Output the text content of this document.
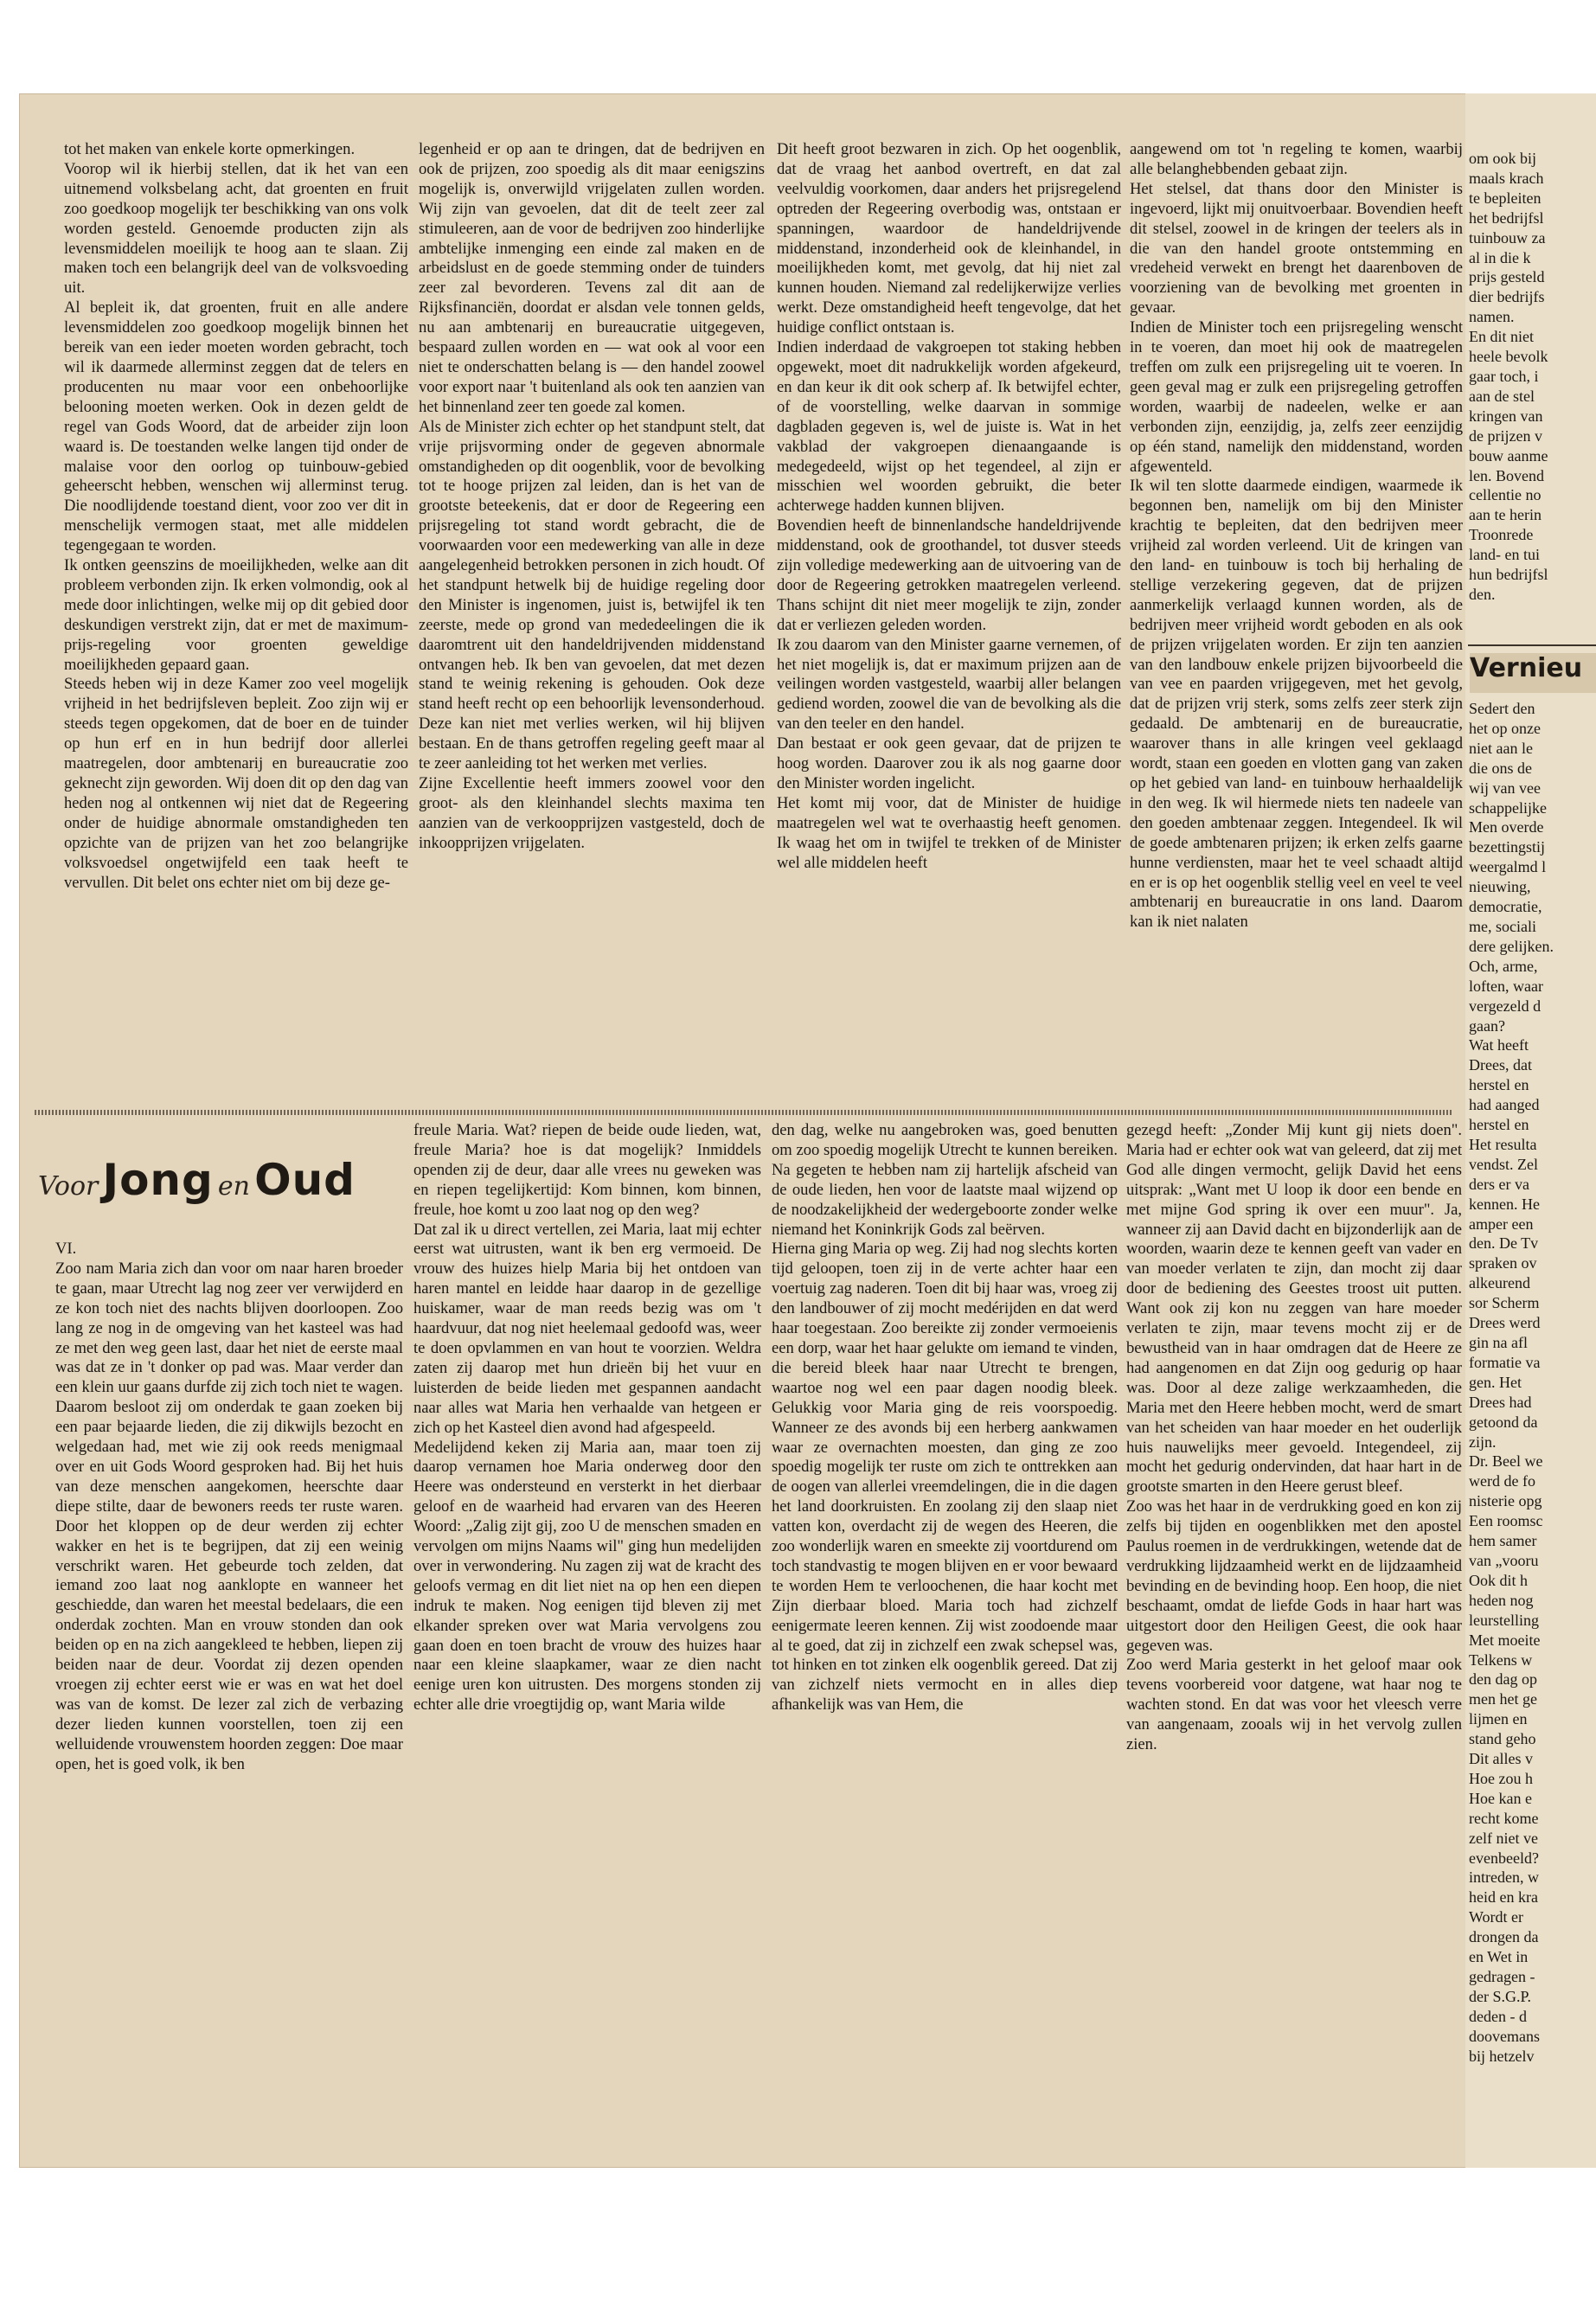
tot het maken van enkele korte opmerkingen.

Voorop wil ik hierbij stellen, dat ik het van een uitnemend volksbelang acht, dat groenten en fruit zoo goedkoop mogelijk ter beschikking van ons volk worden gesteld. Genoemde producten zijn als levensmiddelen moeilijk te hoog aan te slaan. Zij maken toch een belangrijk deel van de volksvoeding uit.

Al bepleit ik, dat groenten, fruit en alle andere levensmiddelen zoo goedkoop mogelijk binnen het bereik van een ieder moeten worden gebracht, toch wil ik daarmede allerminst zeggen dat de telers en producenten nu maar voor een onbehoorlijke belooning moeten werken. Ook in dezen geldt de regel van Gods Woord, dat de arbeider zijn loon waard is. De toestanden welke langen tijd onder de malaise voor den oorlog op tuinbouw-gebied geheerscht hebben, wenschen wij allerminst terug. Die noodlijdende toestand dient, voor zoo ver dit in menschelijk vermogen staat, met alle middelen tegengegaan te worden.

Ik ontken geenszins de moeilijkheden, welke aan dit probleem verbonden zijn. Ik erken volmondig, ook al mede door inlichtingen, welke mij op dit gebied door deskundigen verstrekt zijn, dat er met de maximum-prijs-regeling voor groenten geweldige moeilijkheden gepaard gaan.

Steeds heben wij in deze Kamer zoo veel mogelijk vrijheid in het bedrijfsleven bepleit. Zoo zijn wij er steeds tegen opgekomen, dat de boer en de tuinder op hun erf en in hun bedrijf door allerlei maatregelen, door ambtenarij en bureaucratie zoo geknecht zijn geworden. Wij doen dit op den dag van heden nog al ontkennen wij niet dat de Regeering onder de huidige abnormale omstandigheden ten opzichte van de prijzen van het zoo belangrijke volksvoedsel ongetwijfeld een taak heeft te vervullen. Dit belet ons echter niet om bij deze ge-

legenheid er op aan te dringen, dat de bedrijven en ook de prijzen, zoo spoedig als dit maar eenigszins mogelijk is, onverwijld vrijgelaten zullen worden. Wij zijn van gevoelen, dat dit de teelt zeer zal stimuleeren, aan de voor de bedrijven zoo hinderlijke ambtelijke inmenging een einde zal maken en de arbeidslust en de goede stemming onder de tuinders zeer zal bevorderen. Tevens zal dit aan de Rijksfinanciën, doordat er alsdan vele tonnen gelds, nu aan ambtenarij en bureaucratie uitgegeven, bespaard zullen worden en — wat ook al voor een niet te onderschatten belang is — den handel zoowel voor export naar 't buitenland als ook ten aanzien van het binnenland zeer ten goede zal komen.

Als de Minister zich echter op het standpunt stelt, dat vrije prijsvorming onder de gegeven abnormale omstandigheden op dit oogenblik, voor de bevolking tot te hooge prijzen zal leiden, dan is het van de grootste beteekenis, dat er door de Regeering een prijsregeling tot stand wordt gebracht, die de voorwaarden voor een medewerking van alle in deze aangelegenheid betrokken personen in zich houdt. Of het standpunt hetwelk bij de huidige regeling door den Minister is ingenomen, juist is, betwijfel ik ten zeerste, mede op grond van mededeelingen die ik daaromtrent uit den handeldrijvenden middenstand ontvangen heb. Ik ben van gevoelen, dat met dezen stand te weinig rekening is gehouden. Ook deze stand heeft recht op een behoorlijk levensonderhoud. Deze kan niet met verlies werken, wil hij blijven bestaan. En de thans getroffen regeling geeft maar al te zeer aanleiding tot het werken met verlies.

Zijne Excellentie heeft immers zoowel voor den groot- als den kleinhandel slechts maxima ten aanzien van de verkoopprijzen vastgesteld, doch de inkoopprijzen vrijgelaten.

Dit heeft groot bezwaren in zich. Op het oogenblik, dat de vraag het aanbod overtreft, en dat zal veelvuldig voorkomen, daar anders het prijsregelend optreden der Regeering overbodig was, ontstaan er spanningen, waardoor de handeldrijvende middenstand, inzonderheid ook de kleinhandel, in moeilijkheden komt, met gevolg, dat hij niet zal kunnen houden. Niemand zal redelijkerwijze verlies werkt. Deze omstandigheid heeft tengevolge, dat het huidige conflict ontstaan is.

Indien inderdaad de vakgroepen tot staking hebben opgewekt, moet dit nadrukkelijk worden afgekeurd, en dan keur ik dit ook scherp af. Ik betwijfel echter, of de voorstelling, welke daarvan in sommige dagbladen gegeven is, wel de juiste is. Wat in het vakblad der vakgroepen dienaangaande is medegedeeld, wijst op het tegendeel, al zijn er misschien wel woorden gebruikt, die beter achterwege hadden kunnen blijven.

Bovendien heeft de binnenlandsche handeldrijvende middenstand, ook de groothandel, tot dusver steeds zijn volledige medewerking aan de uitvoering van de door de Regeering getrokken maatregelen verleend. Thans schijnt dit niet meer mogelijk te zijn, zonder dat er verliezen geleden worden.

Ik zou daarom van den Minister gaarne vernemen, of het niet mogelijk is, dat er maximum prijzen aan de veilingen worden vastgesteld, waarbij aller belangen gediend worden, zoowel die van de bevolking als die van den teeler en den handel.

Dan bestaat er ook geen gevaar, dat de prijzen te hoog worden. Daarover zou ik als nog gaarne door den Minister worden ingelicht.

Het komt mij voor, dat de Minister de huidige maatregelen wel wat te overhaastig heeft genomen. Ik waag het om in twijfel te trekken of de Minister wel alle middelen heeft

aangewend om tot 'n regeling te komen, waarbij alle belanghebbenden gebaat zijn.

Het stelsel, dat thans door den Minister is ingevoerd, lijkt mij onuitvoerbaar. Bovendien heeft dit stelsel, zoowel in de kringen der teelers als in die van den handel groote ontstemming en vredeheid verwekt en brengt het daarenboven de voorziening van de bevolking met groenten in gevaar.

Indien de Minister toch een prijsregeling wenscht in te voeren, dan moet hij ook de maatregelen treffen om zulk een prijsregeling uit te voeren. In geen geval mag er zulk een prijsregeling getroffen worden, waarbij de nadeelen, welke er aan verbonden zijn, eenzijdig, ja, zelfs zeer eenzijdig op één stand, namelijk den middenstand, worden afgewenteld.

Ik wil ten slotte daarmede eindigen, waarmede ik begonnen ben, namelijk om bij den Minister krachtig te bepleiten, dat den bedrijven meer vrijheid zal worden verleend. Uit de kringen van den land- en tuinbouw is toch bij herhaling de stellige verzekering gegeven, dat de prijzen aanmerkelijk verlaagd kunnen worden, als de bedrijven meer vrijheid wordt geboden en als ook de prijzen vrijgelaten worden. Er zijn ten aanzien van den landbouw enkele prijzen bijvoorbeeld die van vee en paarden vrijgegeven, met het gevolg, dat de prijzen vrij sterk, soms zelfs zeer sterk zijn gedaald. De ambtenarij en de bureaucratie, waarover thans in alle kringen veel geklaagd wordt, staan een goeden en vlotten gang van zaken op het gebied van land- en tuinbouw herhaaldelijk in den weg. Ik wil hiermede niets ten nadeele van den goeden ambtenaar zeggen. Integendeel. Ik wil de goede ambtenaren prijzen; ik erken zelfs gaarne hunne verdiensten, maar het te veel schaadt altijd en er is op het oogenblik stellig veel en veel te veel ambtenarij en bureaucratie in ons land. Daarom kan ik niet nalaten

Voor Jong en Oud

VI.

Zoo nam Maria zich dan voor om naar haren broeder te gaan, maar Utrecht lag nog zeer ver verwijderd en ze kon toch niet des nachts blijven doorloopen. Zoo lang ze nog in de omgeving van het kasteel was had ze met den weg geen last, daar het niet de eerste maal was dat ze in 't donker op pad was. Maar verder dan een klein uur gaans durfde zij zich toch niet te wagen. Daarom besloot zij om onderdak te gaan zoeken bij een paar bejaarde lieden, die zij dikwijls bezocht en welgedaan had, met wie zij ook reeds menigmaal over en uit Gods Woord gesproken had. Bij het huis van deze menschen aangekomen, heerschte daar diepe stilte, daar de bewoners reeds ter ruste waren. Door het kloppen op de deur werden zij echter wakker en het is te begrijpen, dat zij een weinig verschrikt waren. Het gebeurde toch zelden, dat iemand zoo laat nog aanklopte en wanneer het geschiedde, dan waren het meestal bedelaars, die een onderdak zochten. Man en vrouw stonden dan ook beiden op en na zich aangekleed te hebben, liepen zij beiden naar de deur. Voordat zij dezen openden vroegen zij echter eerst wie er was en wat het doel was van de komst. De lezer zal zich de verbazing dezer lieden kunnen voorstellen, toen zij een welluidende vrouwenstem hoorden zeggen: Doe maar open, het is goed volk, ik ben

freule Maria. Wat? riepen de beide oude lieden, wat, freule Maria? hoe is dat mogelijk? Inmiddels openden zij de deur, daar alle vrees nu geweken was en riepen tegelijkertijd: Kom binnen, kom binnen, freule, hoe komt u zoo laat nog op den weg?

Dat zal ik u direct vertellen, zei Maria, laat mij echter eerst wat uitrusten, want ik ben erg vermoeid. De vrouw des huizes hielp Maria bij het ontdoen van haren mantel en leidde haar daarop in de gezellige huiskamer, waar de man reeds bezig was om 't haardvuur, dat nog niet heelemaal gedoofd was, weer te doen opvlammen en van hout te voorzien. Weldra zaten zij daarop met hun drieën bij het vuur en luisterden de beide lieden met gespannen aandacht naar alles wat Maria hen verhaalde van hetgeen er zich op het Kasteel dien avond had afgespeeld.

Medelijdend keken zij Maria aan, maar toen zij daarop vernamen hoe Maria onderweg door den Heere was ondersteund en versterkt in het dierbaar geloof en de waarheid had ervaren van des Heeren Woord: „Zalig zijt gij, zoo U de menschen smaden en vervolgen om mijns Naams wil" ging hun medelijden over in verwondering. Nu zagen zij wat de kracht des geloofs vermag en dit liet niet na op hen een diepen indruk te maken. Nog eenigen tijd bleven zij met elkander spreken over wat Maria vervolgens zou gaan doen en toen bracht de vrouw des huizes haar naar een kleine slaapkamer, waar ze dien nacht eenige uren kon uitrusten. Des morgens stonden zij echter alle drie vroegtijdig op, want Maria wilde

den dag, welke nu aangebroken was, goed benutten om zoo spoedig mogelijk Utrecht te kunnen bereiken. Na gegeten te hebben nam zij hartelijk afscheid van de oude lieden, hen voor de laatste maal wijzend op de noodzakelijkheid der wedergeboorte zonder welke niemand het Koninkrijk Gods zal beërven.

Hierna ging Maria op weg. Zij had nog slechts korten tijd geloopen, toen zij in de verte achter haar een voertuig zag naderen. Toen dit bij haar was, vroeg zij den landbouwer of zij mocht medérijden en dat werd haar toegestaan. Zoo bereikte zij zonder vermoeienis een dorp, waar het haar gelukte om iemand te vinden, die bereid bleek haar naar Utrecht te brengen, waartoe nog wel een paar dagen noodig bleek. Gelukkig voor Maria ging de reis voorspoedig. Wanneer ze des avonds bij een herberg aankwamen waar ze overnachten moesten, dan ging ze zoo spoedig mogelijk ter ruste om zich te onttrekken aan de oogen van allerlei vreemdelingen, die in die dagen het land doorkruisten. En zoolang zij den slaap niet vatten kon, overdacht zij de wegen des Heeren, die zoo wonderlijk waren en smeekte zij voortdurend om toch standvastig te mogen blijven en er voor bewaard te worden Hem te verloochenen, die haar kocht met Zijn dierbaar bloed. Maria toch had zichzelf eenigermate leeren kennen. Zij wist zoodoende maar al te goed, dat zij in zichzelf een zwak schepsel was, tot hinken en tot zinken elk oogenblik gereed. Dat zij van zichzelf niets vermocht en in alles diep afhankelijk was van Hem, die

gezegd heeft: „Zonder Mij kunt gij niets doen". Maria had er echter ook wat van geleerd, dat zij met God alle dingen vermocht, gelijk David het eens uitsprak: „Want met U loop ik door een bende en met mijne God spring ik over een muur". Ja, wanneer zij aan David dacht en bijzonderlijk aan de woorden, waarin deze te kennen geeft van vader en van moeder verlaten te zijn, dan mocht zij daar door de bediening des Geestes troost uit putten. Want ook zij kon nu zeggen van hare moeder verlaten te zijn, maar tevens mocht zij er de bewustheid van in haar omdragen dat de Heere ze had aangenomen en dat Zijn oog gedurig op haar was. Door al deze zalige werkzaamheden, die Maria met den Heere hebben mocht, werd de smart van het scheiden van haar moeder en het ouderlijk huis nauwelijks meer gevoeld. Integendeel, zij mocht het gedurig ondervinden, dat haar hart in de grootste smarten in den Heere gerust bleef.

Zoo was het haar in de verdrukking goed en kon zij zelfs bij tijden en oogenblikken met den apostel Paulus roemen in de verdrukkingen, wetende dat de verdrukking lijdzaamheid werkt en de lijdzaamheid bevinding en de bevinding hoop. Een hoop, die niet beschaamt, omdat de liefde Gods in haar hart was uitgestort door den Heiligen Geest, die ook haar gegeven was.

Zoo werd Maria gesterkt in het geloof maar ook tevens voorbereid voor datgene, wat haar nog te wachten stond. En dat was voor het vleesch verre van aangenaam, zooals wij in het vervolg zullen zien.

om ook bij
maals krach
te bepleiten
het bedrijfsl
tuinbouw za
al in die k
prijs gesteld
dier bedrijfs
namen.
En dit niet
heele bevolk
gaar toch, i
aan de stel
kringen van
de prijzen v
bouw aanme
len. Bovend
cellentie no
aan te herin
Troonrede
land- en tui
hun bedrijfsl
den.
Sedert den
het op onze
niet aan le
die ons de
wij van vee
schappelijke
Men overde
bezettingstij
weergalmd l
nieuwing,
democratie,
me, sociali
dere gelijken.
Och, arme,
loften, waar
vergezeld d
gaan?
Wat heeft
Drees, dat
herstel en
had aanged
herstel en
Het resulta
vendst. Zel
ders er va
kennen. He
amper een
den. De Tv
spraken ov
alkeurend
sor Scherm
Drees werd
gin na afl
formatie va
gen. Het
Drees had
getoond da
zijn.
Dr. Beel we
werd de fo
nisterie opg
Een roomsc
hem samer
van „vooru
Ook dit h
heden nog
leurstelling
Met moeite
Telkens w
den dag op
men het ge
lijmen en
stand geho
Dit alles v
Hoe zou h
Hoe kan e
recht kome
zelf niet ve
evenbeeld?
intreden, w
heid en kra
Wordt er
drongen da
en Wet in
gedragen -
der S.G.P.
deden - d
doovemans
bij hetzelv
Vernieu
